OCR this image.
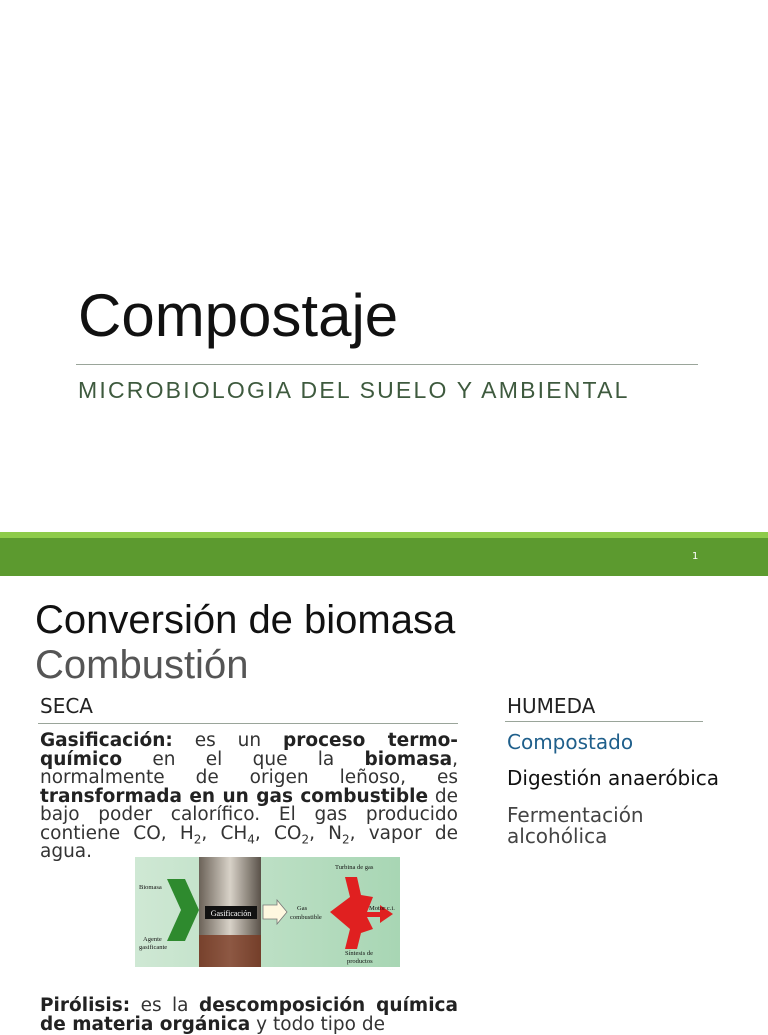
Compostaje
MICROBIOLOGIA DEL SUELO Y AMBIENTAL
1
Conversión de biomasa
Combustión
SECA	HUMEDA
Gasificación: es un proceso termo-químico en el que la biomasa, normalmente de origen leñoso, es transformada en un gas combustible de bajo poder calorífico. El gas producido contiene CO, $H_2$, $CH_4$, $CO_2$, $N_2$, vapor de agua.
Gasificación
Biomasa
Agente
gasificante
Gas
combustible
Turbina de gas
Motor c.i.
Síntesis de
productos
Pirólisis: es la descomposición química de materia orgánica y todo tipo de
Compostado
Digestión anaeróbica
Fermentación alcohólica
